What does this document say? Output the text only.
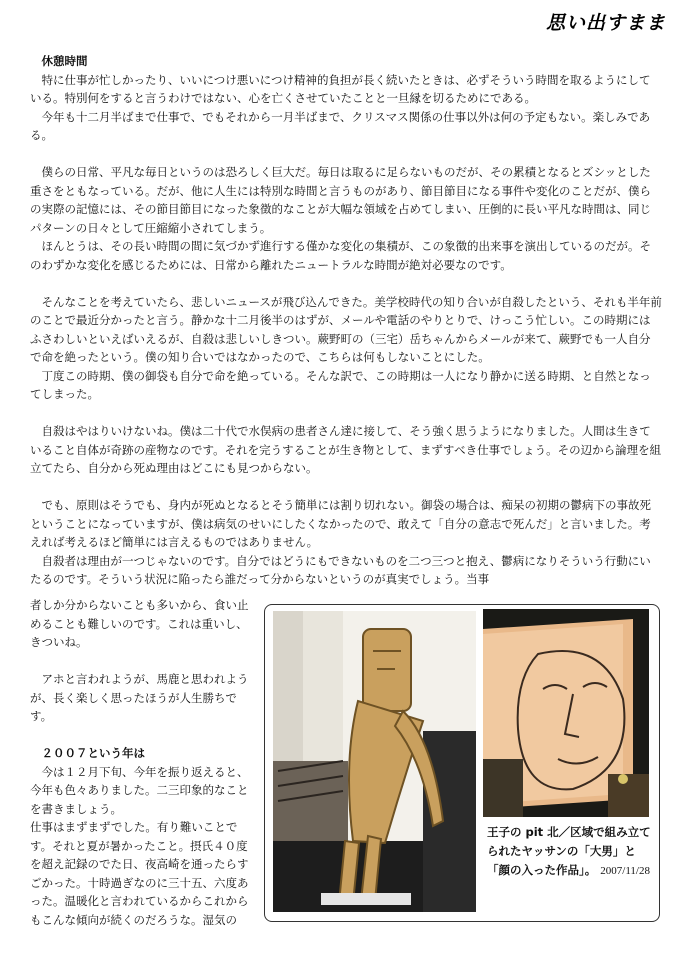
思い出すまま
休憩時間

特に仕事が忙しかったり、いいにつけ悪いにつけ精神的負担が長く続いたときは、必ずそういう時間を取るようにしている。特別何をすると言うわけではない、心を亡くさせていたことと一旦縁を切るためにである。

今年も十二月半ばまで仕事で、でもそれから一月半ばまで、クリスマス関係の仕事以外は何の予定もない。楽しみである。

僕らの日常、平凡な毎日というのは恐ろしく巨大だ。毎日は取るに足らないものだが、その累積となるとズシッとした重さをともなっている。だが、他に人生には特別な時間と言うものがあり、節目節目になる事件や変化のことだが、僕らの実際の記憶には、その節目節目になった象徴的なことが大幅な領域を占めてしまい、圧倒的に長い平凡な時間は、同じパターンの日々として圧縮縮小されてしまう。

ほんとうは、その長い時間の間に気づかず進行する僅かな変化の集積が、この象徴的出来事を演出しているのだが。そのわずかな変化を感じるためには、日常から離れたニュートラルな時間が絶対必要なのです。

そんなことを考えていたら、悲しいニュースが飛び込んできた。美学校時代の知り合いが自殺したという、それも半年前のことで最近分かったと言う。静かな十二月後半のはずが、メールや電話のやりとりで、けっこう忙しい。この時期にはふさわしいといえばいえるが、自殺は悲しいしきつい。蕨野町の（三宅）岳ちゃんからメールが来て、蕨野でも一人自分で命を絶ったという。僕の知り合いではなかったので、こちらは何もしないことにした。

丁度この時期、僕の御袋も自分で命を絶っている。そんな訳で、この時期は一人になり静かに送る時期、と自然となってしまった。

自殺はやはりいけないね。僕は二十代で水俣病の患者さん達に接して、そう強く思うようになりました。人間は生きていること自体が奇跡の産物なのです。それを完うすることが生き物として、まずすべき仕事でしょう。その辺から論理を組立てたら、自分から死ぬ理由はどこにも見つからない。

でも、原則はそうでも、身内が死ぬとなるとそう簡単には割り切れない。御袋の場合は、痴呆の初期の鬱病下の事故死ということになっていますが、僕は病気のせいにしたくなかったので、敢えて「自分の意志で死んだ」と言いました。考えれば考えるほど簡単には言えるものではありません。

自殺者は理由が一つじゃないのです。自分ではどうにもできないものを二つ三つと抱え、鬱病になりそういう行動にいたるのです。そういう状況に陥ったら誰だって分からないというのが真実でしょう。当事

者しか分からないことも多いから、食い止めることも難しいのです。これは重いし、きついね。

アホと言われようが、馬鹿と思われようが、長く楽しく思ったほうが人生勝ちです。

２００７という年は

今は１２月下旬、今年を振り返えると、今年も色々ありました。二三印象的なことを書きましょう。

仕事はまずまずでした。有り難いことです。それと夏が暑かったこと。摂氏４０度を超え記録のでた日、夜高崎を通ったらすごかった。十時過ぎなのに三十五、六度あった。温暖化と言われているからこれからもこんな傾向が続くのだろうな。湿気の

王子の pit 北／区域で組み立てられたヤッサンの「大男」と「顔の入った作品」。 2007/11/28
